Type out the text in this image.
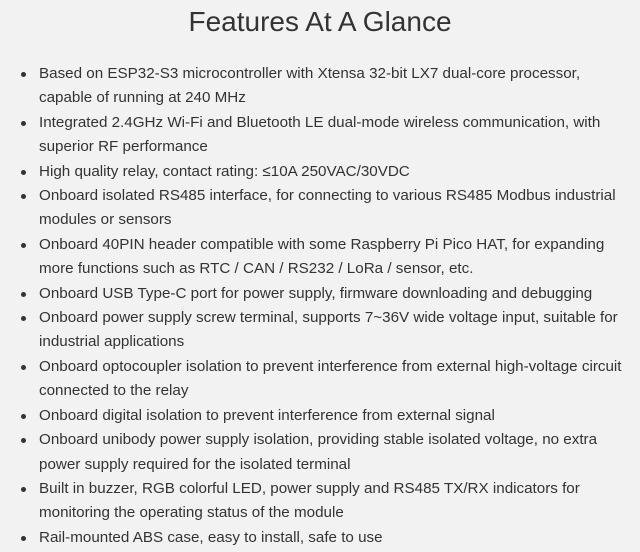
Features At A Glance
Based on ESP32-S3 microcontroller with Xtensa 32-bit LX7 dual-core processor, capable of running at 240 MHz
Integrated 2.4GHz Wi-Fi and Bluetooth LE dual-mode wireless communication, with superior RF performance
High quality relay, contact rating: ≤10A 250VAC/30VDC
Onboard isolated RS485 interface, for connecting to various RS485 Modbus industrial modules or sensors
Onboard 40PIN header compatible with some Raspberry Pi Pico HAT, for expanding more functions such as RTC / CAN / RS232 / LoRa / sensor, etc.
Onboard USB Type-C port for power supply, firmware downloading and debugging
Onboard power supply screw terminal, supports 7~36V wide voltage input, suitable for industrial applications
Onboard optocoupler isolation to prevent interference from external high-voltage circuit connected to the relay
Onboard digital isolation to prevent interference from external signal
Onboard unibody power supply isolation, providing stable isolated voltage, no extra power supply required for the isolated terminal
Built in buzzer, RGB colorful LED, power supply and RS485 TX/RX indicators for monitoring the operating status of the module
Rail-mounted ABS case, easy to install, safe to use
